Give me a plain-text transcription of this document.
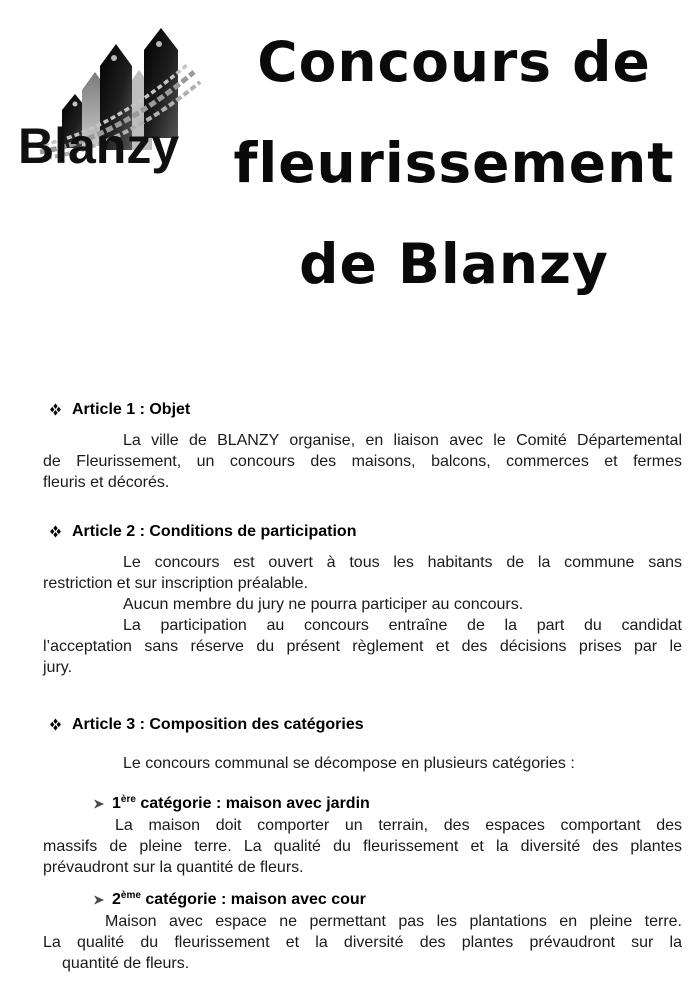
Blanzy
Concours de
fleurissement
de Blanzy
Article 1 : Objet
La ville de BLANZY organise, en liaison avec le Comité Départemental
de Fleurissement, un concours des maisons, balcons, commerces et fermes
fleuris et décorés.
Article 2 : Conditions de participation
Le concours est ouvert à tous les habitants de la commune sans
restriction et sur inscription préalable.
Aucun membre du jury ne pourra participer au concours.
La participation au concours entraîne de la part du candidat
l’acceptation sans réserve du présent règlement et des décisions prises par le
jury.
Article 3 : Composition des catégories
Le concours communal se décompose en plusieurs catégories :
1ère catégorie : maison avec jardin
La maison doit comporter un terrain, des espaces comportant des
massifs de pleine terre. La qualité du fleurissement et la diversité des plantes
prévaudront sur la quantité de fleurs.
2ème catégorie : maison avec cour
Maison avec espace ne permettant pas les plantations en pleine terre.
La qualité du fleurissement et la diversité des plantes prévaudront sur la
quantité de fleurs.
